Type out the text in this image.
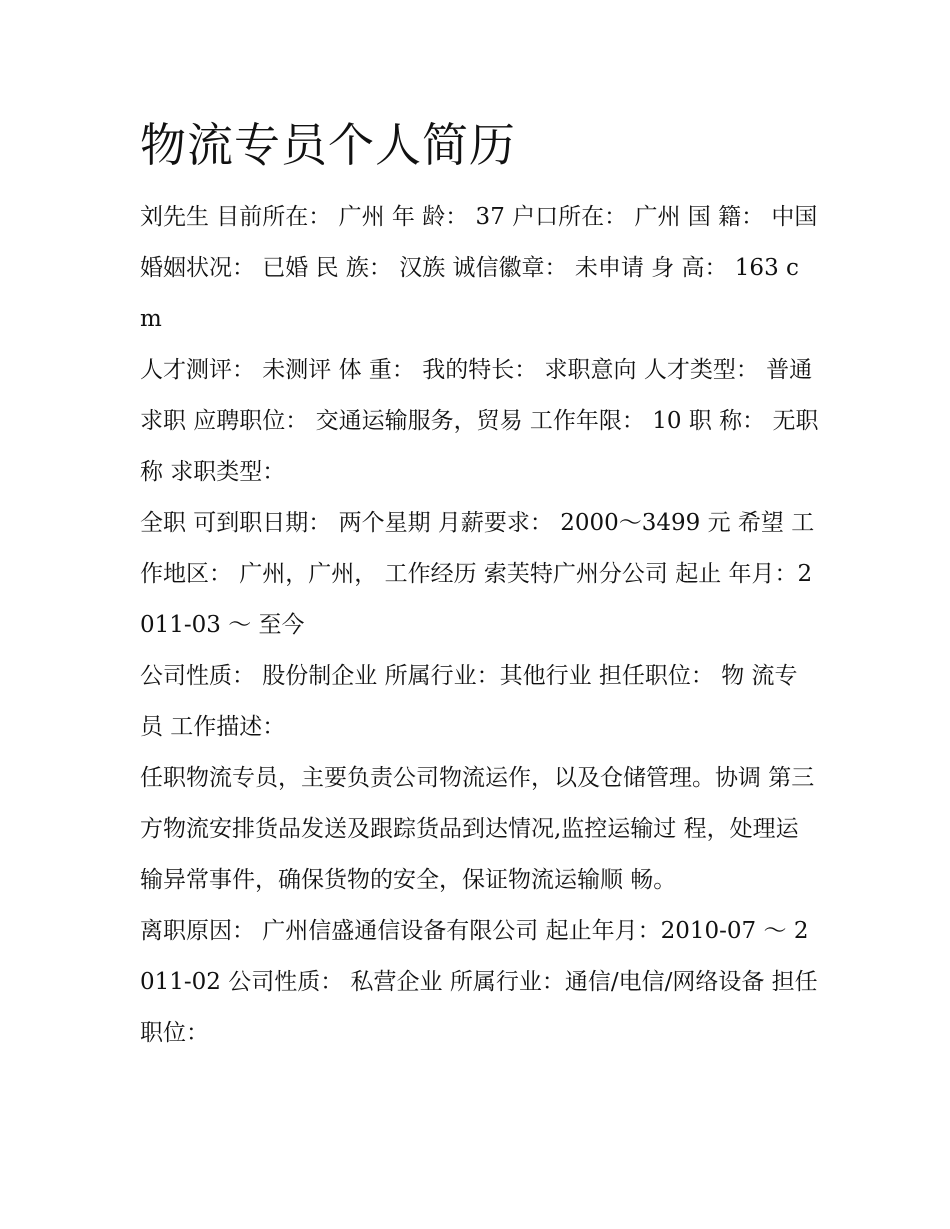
物流专员个人简历

刘先生 目前所在： 广州 年 龄： 37 户口所在： 广州 国 籍： 中国 婚姻状况： 已婚 民 族： 汉族 诚信徽章： 未申请 身 高： 163 cm

人才测评： 未测评 体 重： 我的特长： 求职意向 人才类型： 普通求职 应聘职位： 交通运输服务，贸易 工作年限： 10 职 称： 无职称 求职类型：

全职 可到职日期： 两个星期 月薪要求： 2000～3499 元 希望 工作地区： 广州，广州， 工作经历 索芙特广州分公司 起止 年月：2011-03 ～ 至今

公司性质： 股份制企业 所属行业：其他行业 担任职位： 物 流专员 工作描述：

任职物流专员，主要负责公司物流运作，以及仓储管理。协调 第三方物流安排货品发送及跟踪货品到达情况,监控运输过 程，处理运输异常事件，确保货物的安全，保证物流运输顺 畅。

离职原因： 广州信盛通信设备有限公司 起止年月：2010-07 ～ 2011-02 公司性质： 私营企业 所属行业：通信/电信/网络设备 担任职位：
